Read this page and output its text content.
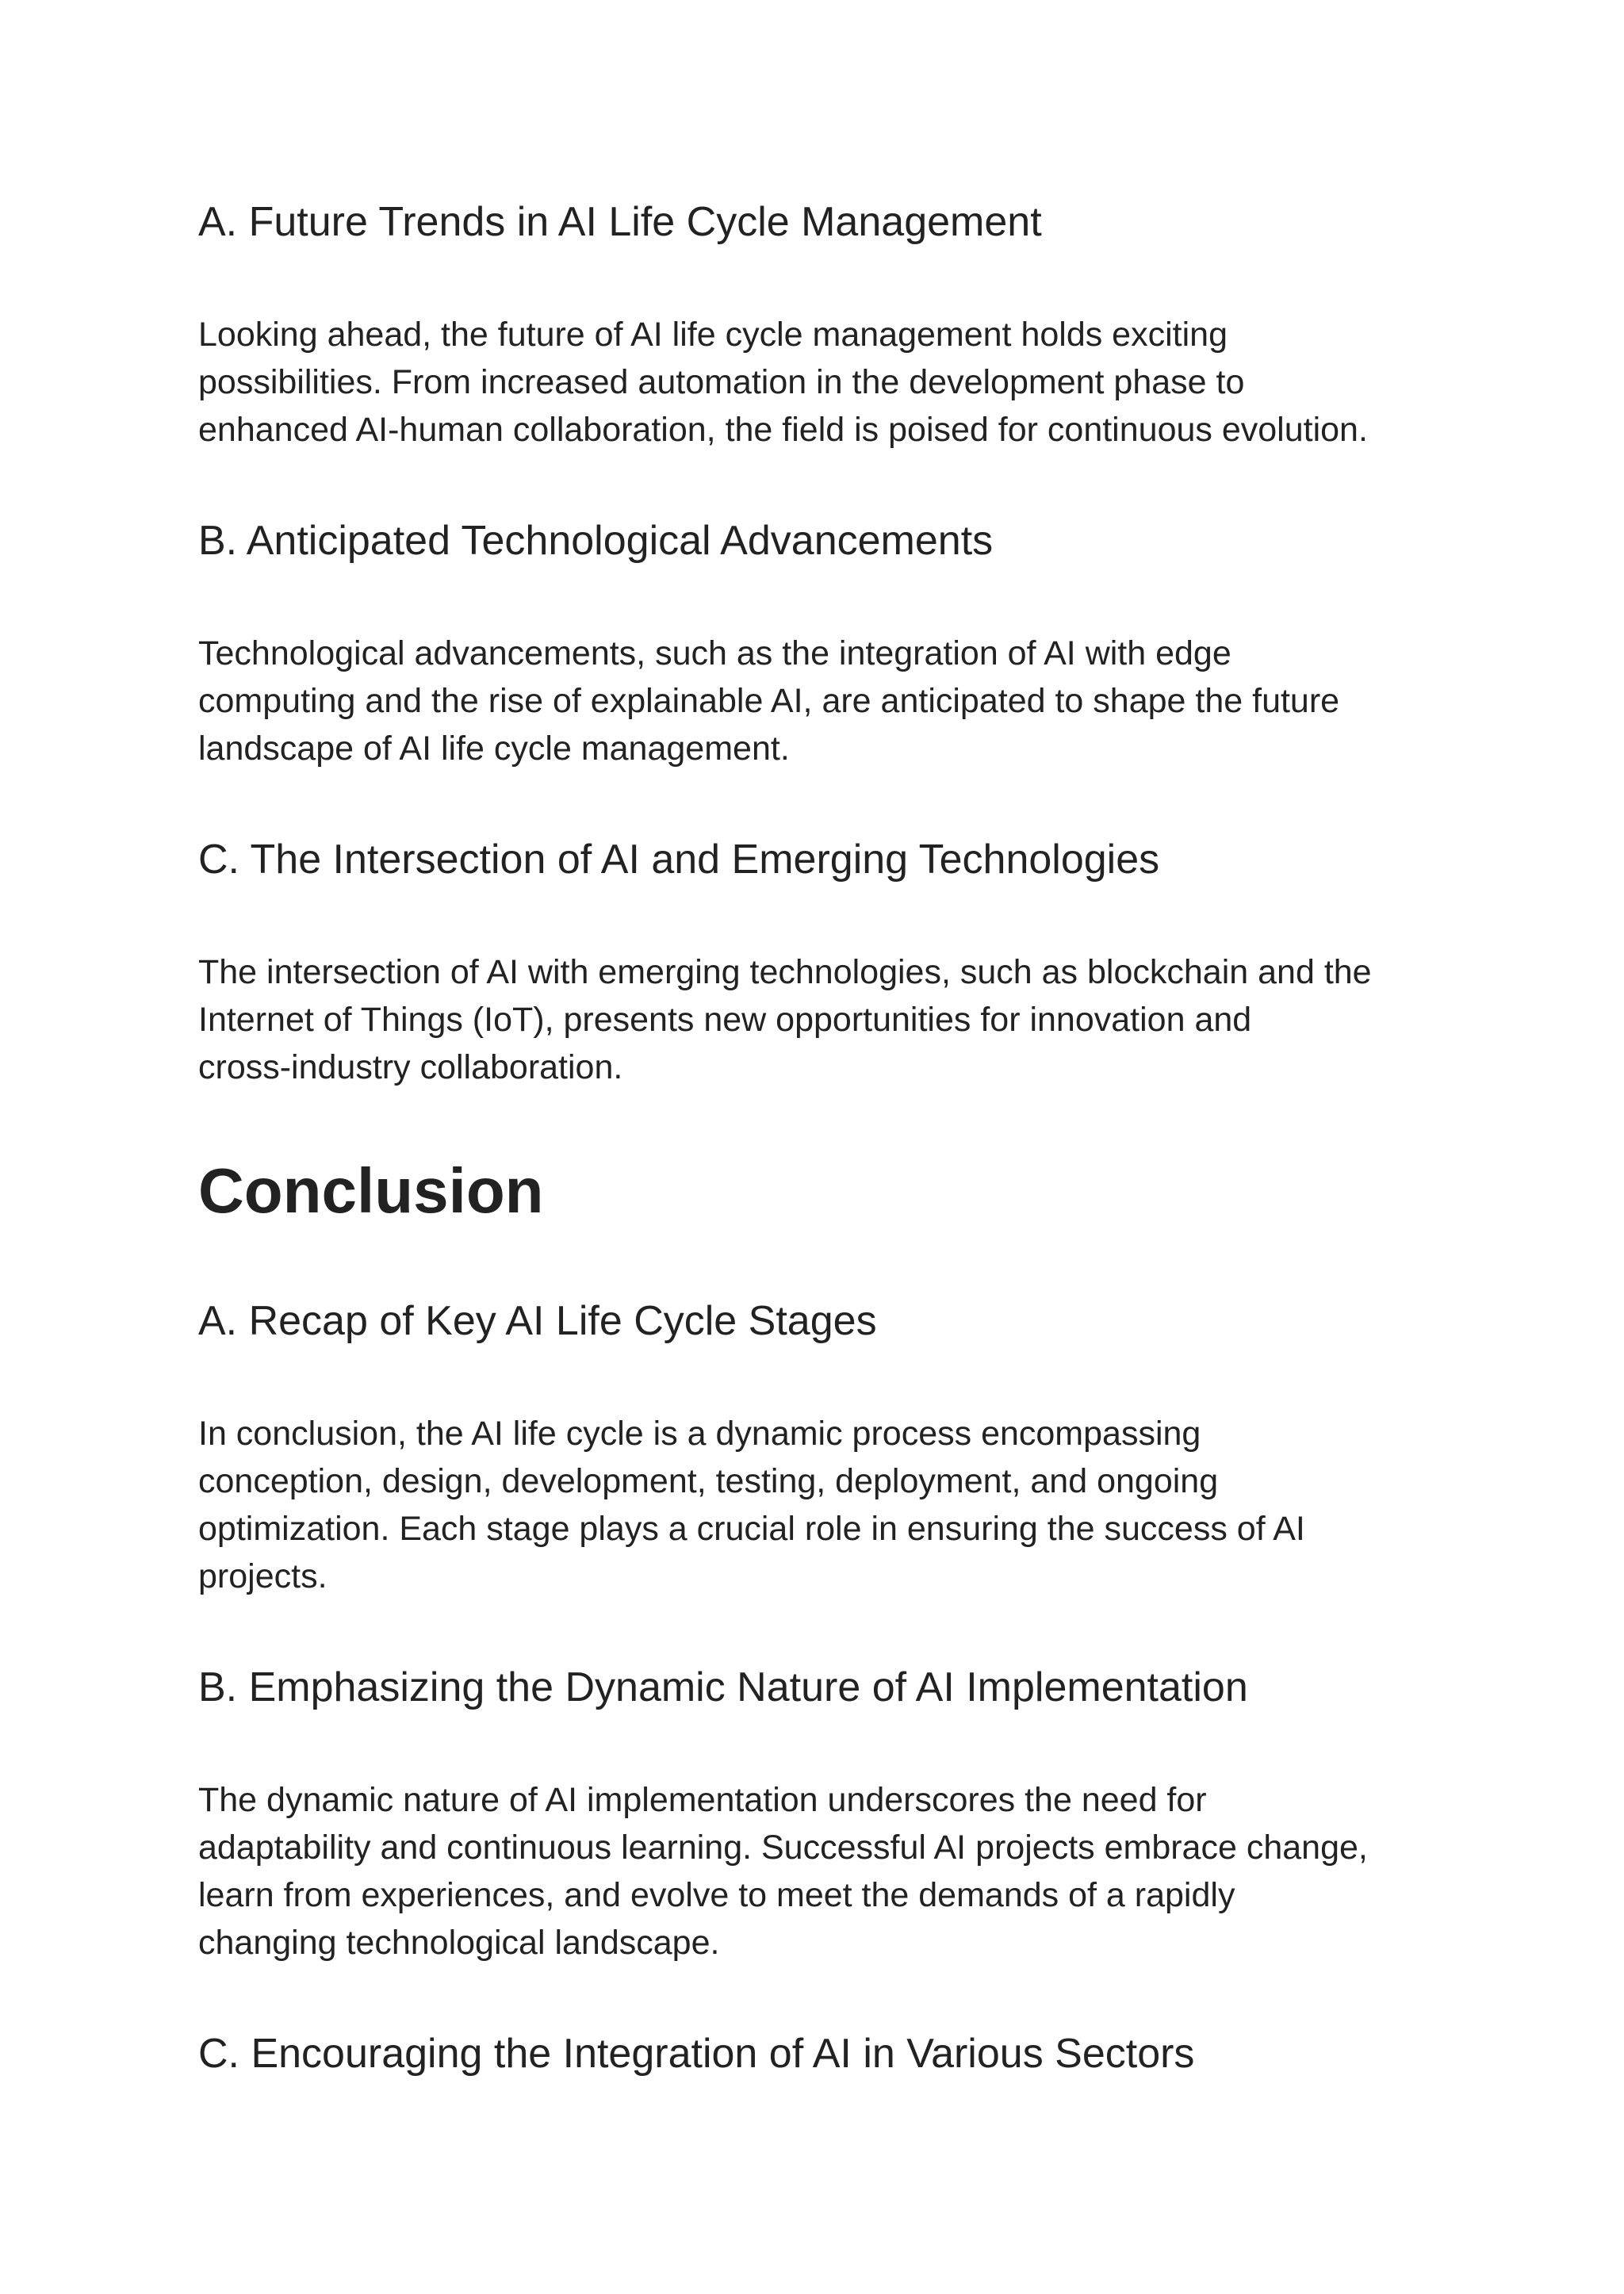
A. Future Trends in AI Life Cycle Management

Looking ahead, the future of AI life cycle management holds exciting
possibilities. From increased automation in the development phase to
enhanced AI-human collaboration, the field is poised for continuous evolution.

B. Anticipated Technological Advancements

Technological advancements, such as the integration of AI with edge
computing and the rise of explainable AI, are anticipated to shape the future
landscape of AI life cycle management.

C. The Intersection of AI and Emerging Technologies

The intersection of AI with emerging technologies, such as blockchain and the
Internet of Things (IoT), presents new opportunities for innovation and
cross-industry collaboration.

Conclusion
A. Recap of Key AI Life Cycle Stages

In conclusion, the AI life cycle is a dynamic process encompassing
conception, design, development, testing, deployment, and ongoing
optimization. Each stage plays a crucial role in ensuring the success of AI
projects.

B. Emphasizing the Dynamic Nature of AI Implementation

The dynamic nature of AI implementation underscores the need for
adaptability and continuous learning. Successful AI projects embrace change,
learn from experiences, and evolve to meet the demands of a rapidly
changing technological landscape.

C. Encouraging the Integration of AI in Various Sectors
